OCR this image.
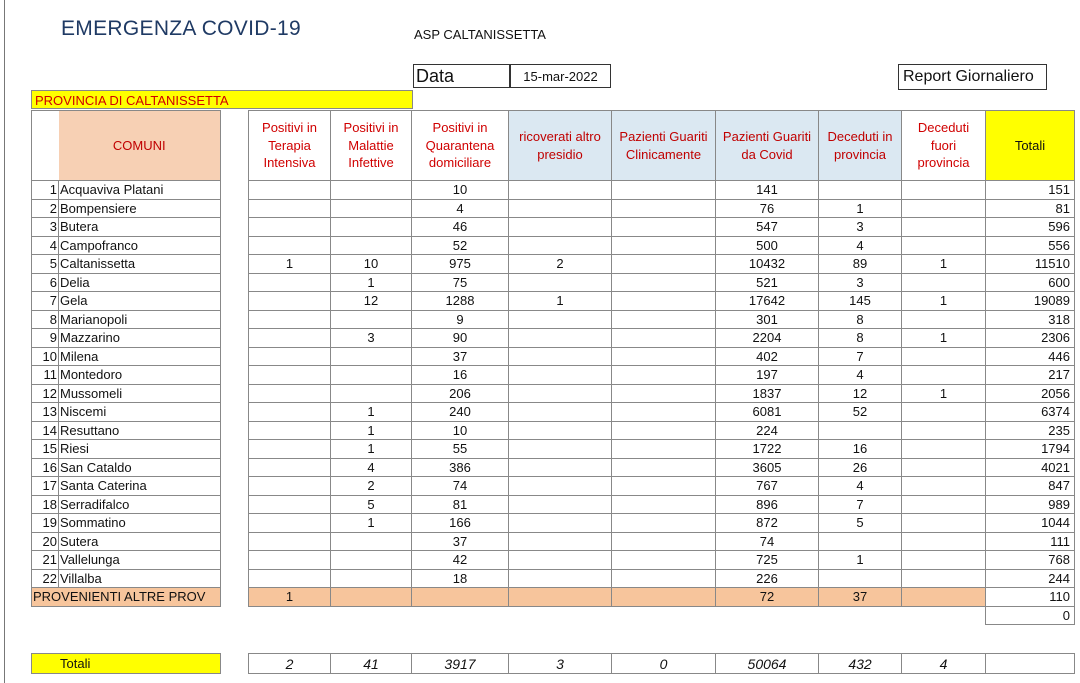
EMERGENZA COVID-19	ASP CALTANISSETTA
Data	15-mar-2022	Report Giornaliero
PROVINCIA DI CALTANISSETTA
	COMUNI		Positivi in Terapia Intensiva	Positivi in Malattie Infettive	Positivi in Quarantena domiciliare	ricoverati altro presidio	Pazienti Guariti Clinicamente	Pazienti Guariti da Covid	Deceduti in provincia	Deceduti fuori provincia	Totali
1	Acquaviva Platani				10			141			151
2	Bompensiere				4			76	1		81
3	Butera				46			547	3		596
4	Campofranco				52			500	4		556
5	Caltanissetta		1	10	975	2		10432	89	1	11510
6	Delia			1	75			521	3		600
7	Gela			12	1288	1		17642	145	1	19089
8	Marianopoli				9			301	8		318
9	Mazzarino			3	90			2204	8	1	2306
10	Milena				37			402	7		446
11	Montedoro				16			197	4		217
12	Mussomeli				206			1837	12	1	2056
13	Niscemi			1	240			6081	52		6374
14	Resuttano			1	10			224			235
15	Riesi			1	55			1722	16		1794
16	San Cataldo			4	386			3605	26		4021
17	Santa Caterina			2	74			767	4		847
18	Serradifalco			5	81			896	7		989
19	Sommatino			1	166			872	5		1044
20	Sutera				37			74			111
21	Vallelunga				42			725	1		768
22	Villalba				18			226			244
PROVENIENTI ALTRE PROV			1					72	37		110
											0
Totali		2	41	3917	3	0	50064	432	4	
